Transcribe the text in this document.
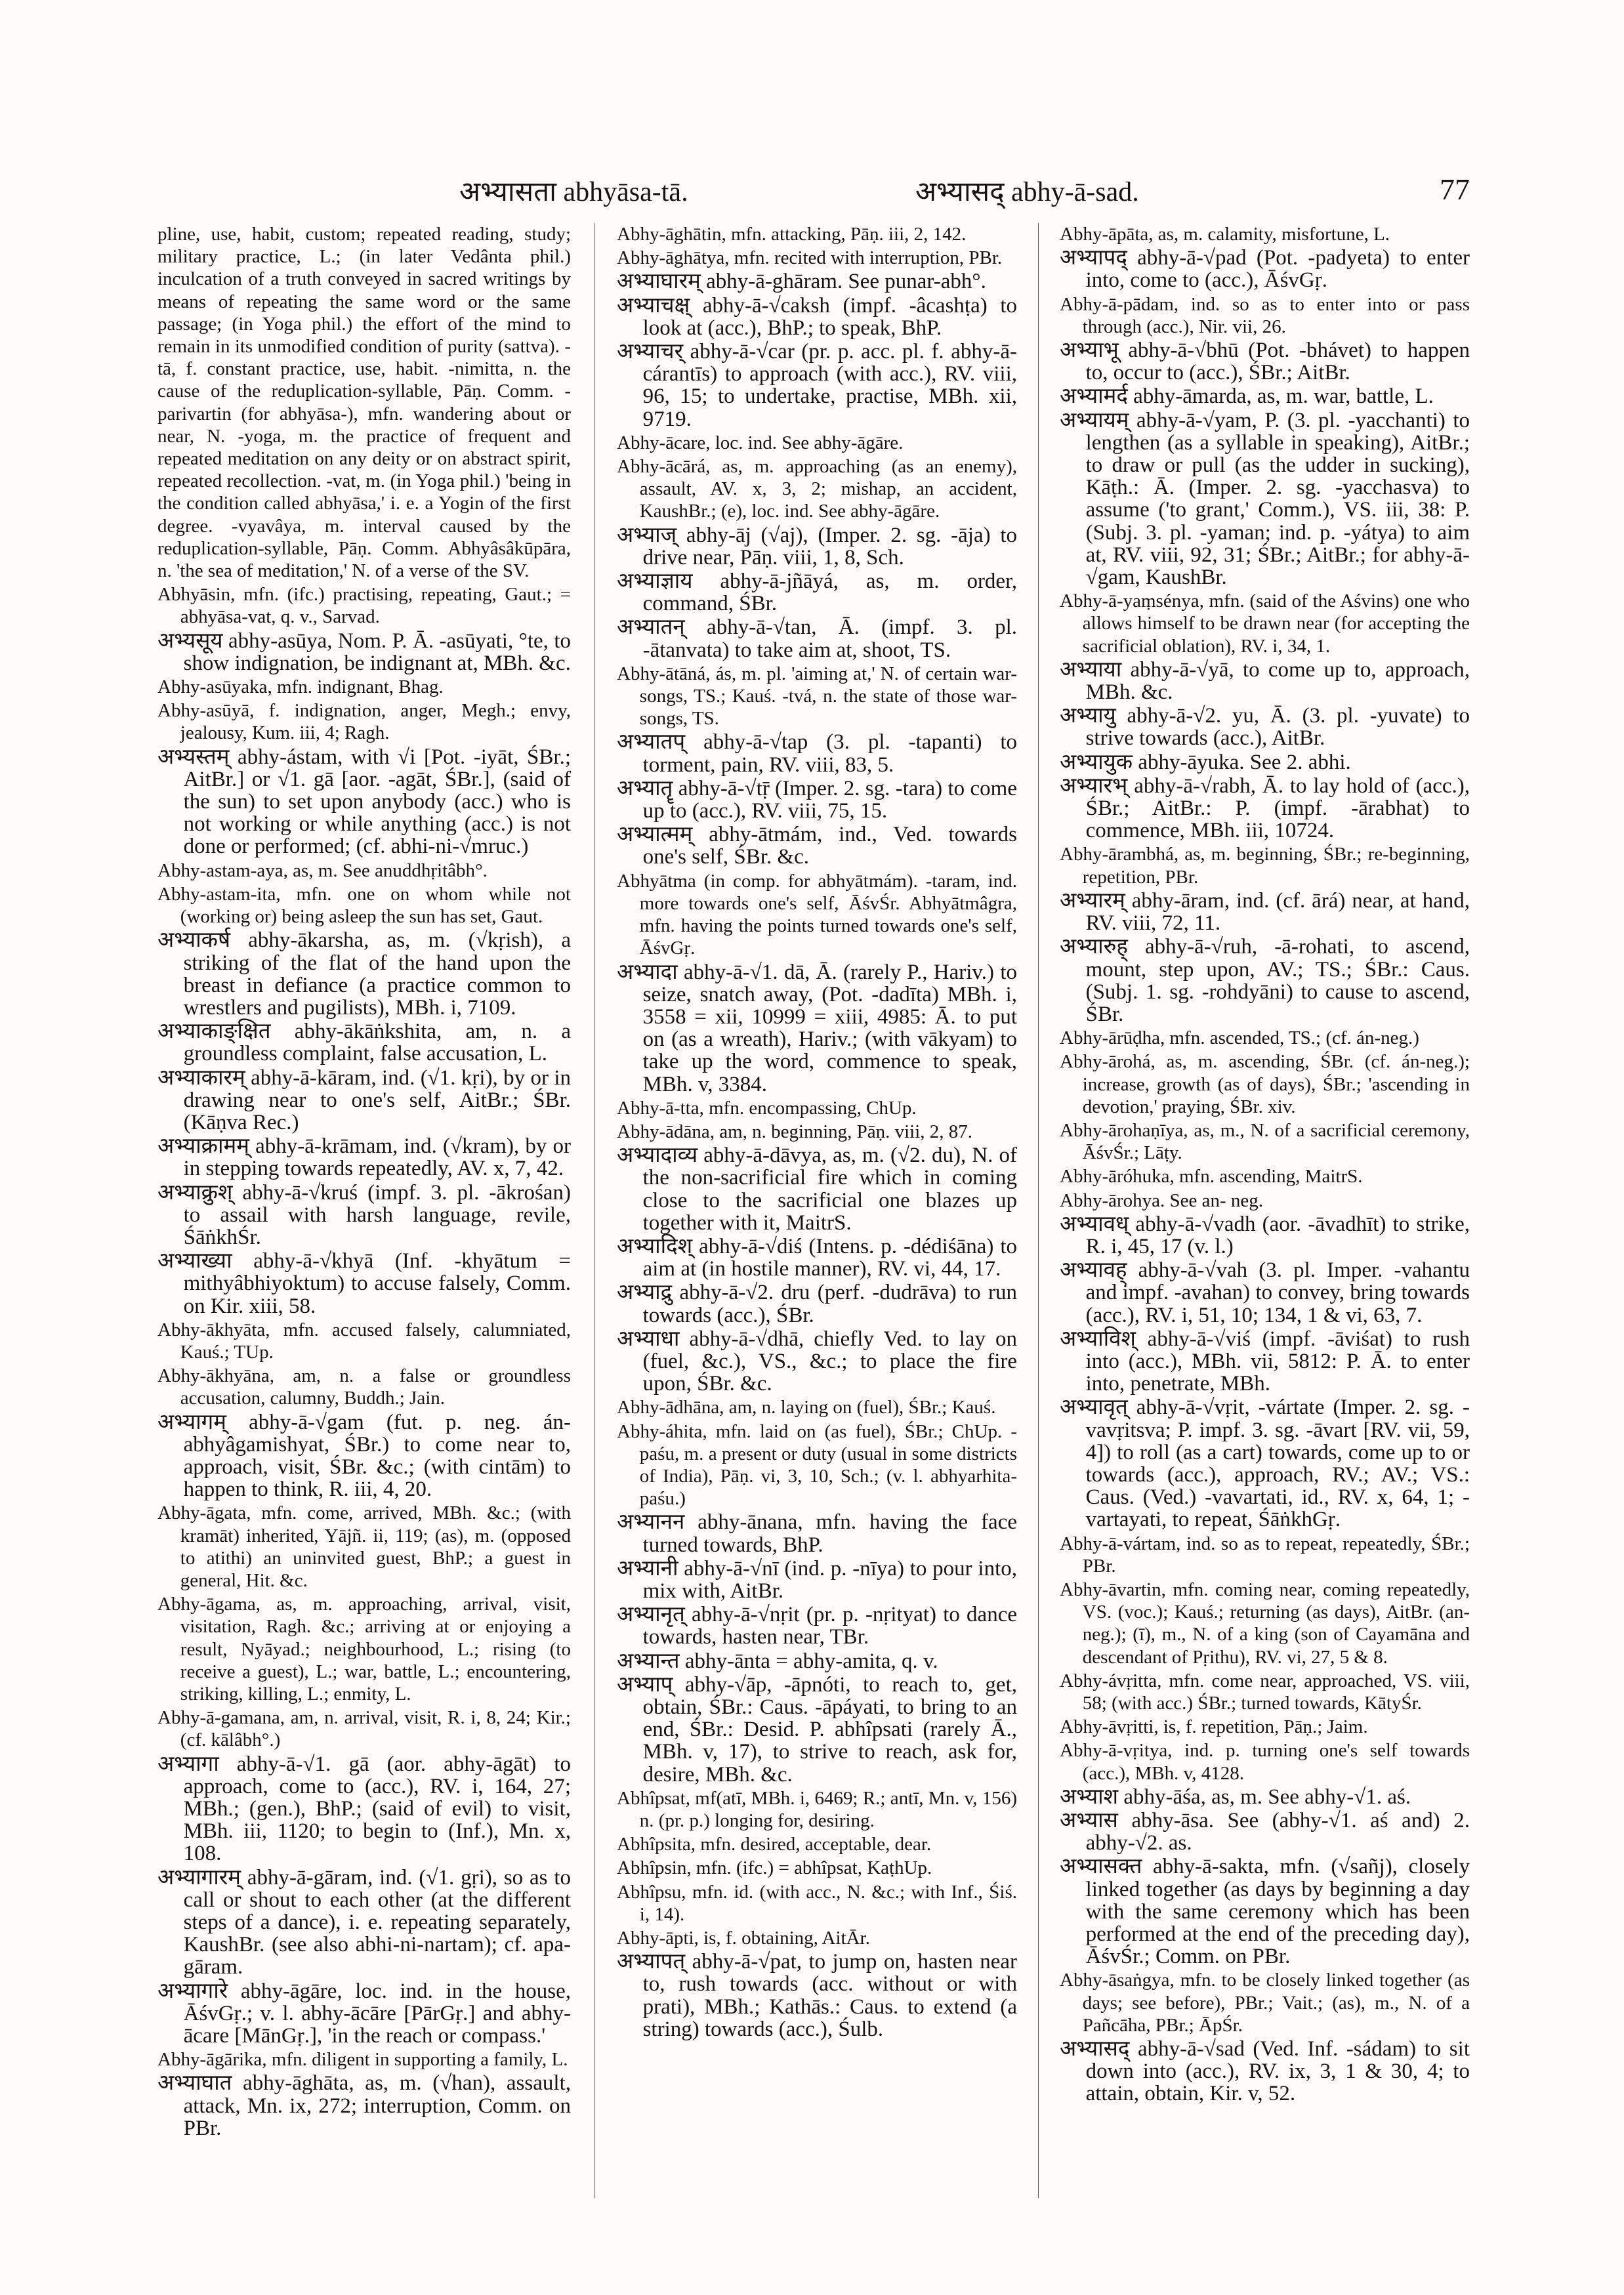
अभ्यासता abhyāsa-tā.	अभ्यासद् abhy-ā-sad.	77

pline, use, habit, custom; repeated reading, study; military practice, L.; (in later Vedânta phil.) inculcation of a truth conveyed in sacred writings by means of repeating the same word or the same passage; (in Yoga phil.) the effort of the mind to remain in its unmodified condition of purity (sattva). -tā, f. constant practice, use, habit. -nimitta, n. the cause of the reduplication-syllable, Pāṇ. Comm. -parivartin (for abhyāsa-), mfn. wandering about or near, N. -yoga, m. the practice of frequent and repeated meditation on any deity or on abstract spirit, repeated recollection. -vat, m. (in Yoga phil.) 'being in the condition called abhyāsa,' i. e. a Yogin of the first degree. -vyavâya, m. interval caused by the reduplication-syllable, Pāṇ. Comm. Abhyâsâkūpāra, n. 'the sea of meditation,' N. of a verse of the SV.

Abhyāsin, mfn. (ifc.) practising, repeating, Gaut.; = abhyāsa-vat, q. v., Sarvad.

अभ्यसूय abhy-asūya, Nom. P. Ā. -asūyati, °te, to show indignation, be indignant at, MBh. &c.

Abhy-asūyaka, mfn. indignant, Bhag.

Abhy-asūyā, f. indignation, anger, Megh.; envy, jealousy, Kum. iii, 4; Ragh.

अभ्यस्तम् abhy-ástam, with √i [Pot. -iyāt, ŚBr.; AitBr.] or √1. gā [aor. -agāt, ŚBr.], (said of the sun) to set upon anybody (acc.) who is not working or while anything (acc.) is not done or performed; (cf. abhi-ni-√mruc.)

Abhy-astam-aya, as, m. See anuddhṛitâbh°.

Abhy-astam-ita, mfn. one on whom while not (working or) being asleep the sun has set, Gaut.

अभ्याकर्ष abhy-ākarsha, as, m. (√kṛish), a striking of the flat of the hand upon the breast in defiance (a practice common to wrestlers and pugilists), MBh. i, 7109.

अभ्याकाङ्क्षित abhy-ākāṅkshita, am, n. a groundless complaint, false accusation, L.

अभ्याकारम् abhy-ā-kāram, ind. (√1. kṛi), by or in drawing near to one's self, AitBr.; ŚBr. (Kāṇva Rec.)

अभ्याक्रामम् abhy-ā-krāmam, ind. (√kram), by or in stepping towards repeatedly, AV. x, 7, 42.

अभ्याक्रुश् abhy-ā-√kruś (impf. 3. pl. -ākrośan) to assail with harsh language, revile, ŚāṅkhŚr.

अभ्याख्या abhy-ā-√khyā (Inf. -khyātum = mithyâbhiyoktum) to accuse falsely, Comm. on Kir. xiii, 58.

Abhy-ākhyāta, mfn. accused falsely, calumniated, Kauś.; TUp.

Abhy-ākhyāna, am, n. a false or groundless accusation, calumny, Buddh.; Jain.

अभ्यागम् abhy-ā-√gam (fut. p. neg. án-abhyâgamishyat, ŚBr.) to come near to, approach, visit, ŚBr. &c.; (with cintām) to happen to think, R. iii, 4, 20.

Abhy-āgata, mfn. come, arrived, MBh. &c.; (with kramāt) inherited, Yājñ. ii, 119; (as), m. (opposed to atithi) an uninvited guest, BhP.; a guest in general, Hit. &c.

Abhy-āgama, as, m. approaching, arrival, visit, visitation, Ragh. &c.; arriving at or enjoying a result, Nyāyad.; neighbourhood, L.; rising (to receive a guest), L.; war, battle, L.; encountering, striking, killing, L.; enmity, L.

Abhy-ā-gamana, am, n. arrival, visit, R. i, 8, 24; Kir.; (cf. kālâbh°.)

अभ्यागा abhy-ā-√1. gā (aor. abhy-āgāt) to approach, come to (acc.), RV. i, 164, 27; MBh.; (gen.), BhP.; (said of evil) to visit, MBh. iii, 1120; to begin to (Inf.), Mn. x, 108.

अभ्यागारम् abhy-ā-gāram, ind. (√1. gṛi), so as to call or shout to each other (at the different steps of a dance), i. e. repeating separately, KaushBr. (see also abhi-ni-nartam); cf. apa-gāram.

अभ्यागारे abhy-āgāre, loc. ind. in the house, ĀśvGṛ.; v. l. abhy-ācāre [PārGṛ.] and abhy-ācare [MānGṛ.], 'in the reach or compass.'

Abhy-āgārika, mfn. diligent in supporting a family, L.

अभ्याघात abhy-āghāta, as, m. (√han), assault, attack, Mn. ix, 272; interruption, Comm. on PBr.

Abhy-āghātin, mfn. attacking, Pāṇ. iii, 2, 142.

Abhy-āghātya, mfn. recited with interruption, PBr.

अभ्याघारम् abhy-ā-ghāram. See punar-abh°.

अभ्याचक्ष् abhy-ā-√caksh (impf. -âcashṭa) to look at (acc.), BhP.; to speak, BhP.

अभ्याचर् abhy-ā-√car (pr. p. acc. pl. f. abhy-ā-cárantīs) to approach (with acc.), RV. viii, 96, 15; to undertake, practise, MBh. xii, 9719.

Abhy-ācare, loc. ind. See abhy-āgāre.

Abhy-ācārá, as, m. approaching (as an enemy), assault, AV. x, 3, 2; mishap, an accident, KaushBr.; (e), loc. ind. See abhy-āgāre.

अभ्याज् abhy-āj (√aj), (Imper. 2. sg. -āja) to drive near, Pāṇ. viii, 1, 8, Sch.

अभ्याज्ञाय abhy-ā-jñāyá, as, m. order, command, ŚBr.

अभ्यातन् abhy-ā-√tan, Ā. (impf. 3. pl. -ātanvata) to take aim at, shoot, TS.

Abhy-ātāná, ás, m. pl. 'aiming at,' N. of certain war-songs, TS.; Kauś. -tvá, n. the state of those war-songs, TS.

अभ्यातप् abhy-ā-√tap (3. pl. -tapanti) to torment, pain, RV. viii, 83, 5.

अभ्यातॄ abhy-ā-√tṝ (Imper. 2. sg. -tara) to come up to (acc.), RV. viii, 75, 15.

अभ्यात्मम् abhy-ātmám, ind., Ved. towards one's self, ŚBr. &c.

Abhyātma (in comp. for abhyātmám). -taram, ind. more towards one's self, ĀśvŚr. Abhyātmâgra, mfn. having the points turned towards one's self, ĀśvGṛ.

अभ्यादा abhy-ā-√1. dā, Ā. (rarely P., Hariv.) to seize, snatch away, (Pot. -dadīta) MBh. i, 3558 = xii, 10999 = xiii, 4985: Ā. to put on (as a wreath), Hariv.; (with vākyam) to take up the word, commence to speak, MBh. v, 3384.

Abhy-ā-tta, mfn. encompassing, ChUp.

Abhy-ādāna, am, n. beginning, Pāṇ. viii, 2, 87.

अभ्यादाव्य abhy-ā-dāvya, as, m. (√2. du), N. of the non-sacrificial fire which in coming close to the sacrificial one blazes up together with it, MaitrS.

अभ्यादिश् abhy-ā-√diś (Intens. p. -dédiśāna) to aim at (in hostile manner), RV. vi, 44, 17.

अभ्याद्रु abhy-ā-√2. dru (perf. -dudrāva) to run towards (acc.), ŚBr.

अभ्याधा abhy-ā-√dhā, chiefly Ved. to lay on (fuel, &c.), VS., &c.; to place the fire upon, ŚBr. &c.

Abhy-ādhāna, am, n. laying on (fuel), ŚBr.; Kauś.

Abhy-áhita, mfn. laid on (as fuel), ŚBr.; ChUp. -paśu, m. a present or duty (usual in some districts of India), Pāṇ. vi, 3, 10, Sch.; (v. l. abhyarhita-paśu.)

अभ्यानन abhy-ānana, mfn. having the face turned towards, BhP.

अभ्यानी abhy-ā-√nī (ind. p. -nīya) to pour into, mix with, AitBr.

अभ्यानृत् abhy-ā-√nṛit (pr. p. -nṛityat) to dance towards, hasten near, TBr.

अभ्यान्त abhy-ānta = abhy-amita, q. v.

अभ्याप् abhy-√āp, -āpnóti, to reach to, get, obtain, ŚBr.: Caus. -āpáyati, to bring to an end, ŚBr.: Desid. P. abhîpsati (rarely Ā., MBh. v, 17), to strive to reach, ask for, desire, MBh. &c.

Abhîpsat, mf(atī, MBh. i, 6469; R.; antī, Mn. v, 156) n. (pr. p.) longing for, desiring.

Abhîpsita, mfn. desired, acceptable, dear.

Abhîpsin, mfn. (ifc.) = abhîpsat, KaṭhUp.

Abhîpsu, mfn. id. (with acc., N. &c.; with Inf., Śiś. i, 14).

Abhy-āpti, is, f. obtaining, AitĀr.

अभ्यापत् abhy-ā-√pat, to jump on, hasten near to, rush towards (acc. without or with prati), MBh.; Kathās.: Caus. to extend (a string) towards (acc.), Śulb.

Abhy-āpāta, as, m. calamity, misfortune, L.

अभ्यापद् abhy-ā-√pad (Pot. -padyeta) to enter into, come to (acc.), ĀśvGṛ.

Abhy-ā-pādam, ind. so as to enter into or pass through (acc.), Nir. vii, 26.

अभ्याभू abhy-ā-√bhū (Pot. -bhávet) to happen to, occur to (acc.), ŚBr.; AitBr.

अभ्यामर्द abhy-āmarda, as, m. war, battle, L.

अभ्यायम् abhy-ā-√yam, P. (3. pl. -yacchanti) to lengthen (as a syllable in speaking), AitBr.; to draw or pull (as the udder in sucking), Kāṭh.: Ā. (Imper. 2. sg. -yacchasva) to assume ('to grant,' Comm.), VS. iii, 38: P. (Subj. 3. pl. -yaman; ind. p. -yátya) to aim at, RV. viii, 92, 31; ŚBr.; AitBr.; for abhy-ā-√gam, KaushBr.

Abhy-ā-yaṃsénya, mfn. (said of the Aśvins) one who allows himself to be drawn near (for accepting the sacrificial oblation), RV. i, 34, 1.

अभ्याया abhy-ā-√yā, to come up to, approach, MBh. &c.

अभ्यायु abhy-ā-√2. yu, Ā. (3. pl. -yuvate) to strive towards (acc.), AitBr.

अभ्यायुक abhy-āyuka. See 2. abhi.

अभ्यारभ् abhy-ā-√rabh, Ā. to lay hold of (acc.), ŚBr.; AitBr.: P. (impf. -ārabhat) to commence, MBh. iii, 10724.

Abhy-ārambhá, as, m. beginning, ŚBr.; re-beginning, repetition, PBr.

अभ्यारम् abhy-āram, ind. (cf. ārá) near, at hand, RV. viii, 72, 11.

अभ्यारुह् abhy-ā-√ruh, -ā-rohati, to ascend, mount, step upon, AV.; TS.; ŚBr.: Caus. (Subj. 1. sg. -rohdyāni) to cause to ascend, ŚBr.

Abhy-ārūḍha, mfn. ascended, TS.; (cf. án-neg.)

Abhy-ārohá, as, m. ascending, ŚBr. (cf. án-neg.); increase, growth (as of days), ŚBr.; 'ascending in devotion,' praying, ŚBr. xiv.

Abhy-ārohaṇīya, as, m., N. of a sacrificial ceremony, ĀśvŚr.; Lāṭy.

Abhy-āróhuka, mfn. ascending, MaitrS.

Abhy-ārohya. See an- neg.

अभ्यावध् abhy-ā-√vadh (aor. -āvadhīt) to strike, R. i, 45, 17 (v. l.)

अभ्यावह् abhy-ā-√vah (3. pl. Imper. -vahantu and impf. -avahan) to convey, bring towards (acc.), RV. i, 51, 10; 134, 1 & vi, 63, 7.

अभ्याविश् abhy-ā-√viś (impf. -āviśat) to rush into (acc.), MBh. vii, 5812: P. Ā. to enter into, penetrate, MBh.

अभ्यावृत् abhy-ā-√vṛit, -vártate (Imper. 2. sg. -vavṛitsva; P. impf. 3. sg. -āvart [RV. vii, 59, 4]) to roll (as a cart) towards, come up to or towards (acc.), approach, RV.; AV.; VS.: Caus. (Ved.) -vavartati, id., RV. x, 64, 1; -vartayati, to repeat, ŚāṅkhGṛ.

Abhy-ā-vártam, ind. so as to repeat, repeatedly, ŚBr.; PBr.

Abhy-āvartin, mfn. coming near, coming repeatedly, VS. (voc.); Kauś.; returning (as days), AitBr. (an- neg.); (ī), m., N. of a king (son of Cayamāna and descendant of Pṛithu), RV. vi, 27, 5 & 8.

Abhy-ávṛitta, mfn. come near, approached, VS. viii, 58; (with acc.) ŚBr.; turned towards, KātyŚr.

Abhy-āvṛitti, is, f. repetition, Pāṇ.; Jaim.

Abhy-ā-vṛitya, ind. p. turning one's self towards (acc.), MBh. v, 4128.

अभ्याश abhy-āśa, as, m. See abhy-√1. aś.

अभ्यास abhy-āsa. See (abhy-√1. aś and) 2. abhy-√2. as.

अभ्यासक्त abhy-ā-sakta, mfn. (√sañj), closely linked together (as days by beginning a day with the same ceremony which has been performed at the end of the preceding day), ĀśvŚr.; Comm. on PBr.

Abhy-āsaṅgya, mfn. to be closely linked together (as days; see before), PBr.; Vait.; (as), m., N. of a Pañcāha, PBr.; ĀpŚr.

अभ्यासद् abhy-ā-√sad (Ved. Inf. -sádam) to sit down into (acc.), RV. ix, 3, 1 & 30, 4; to attain, obtain, Kir. v, 52.
